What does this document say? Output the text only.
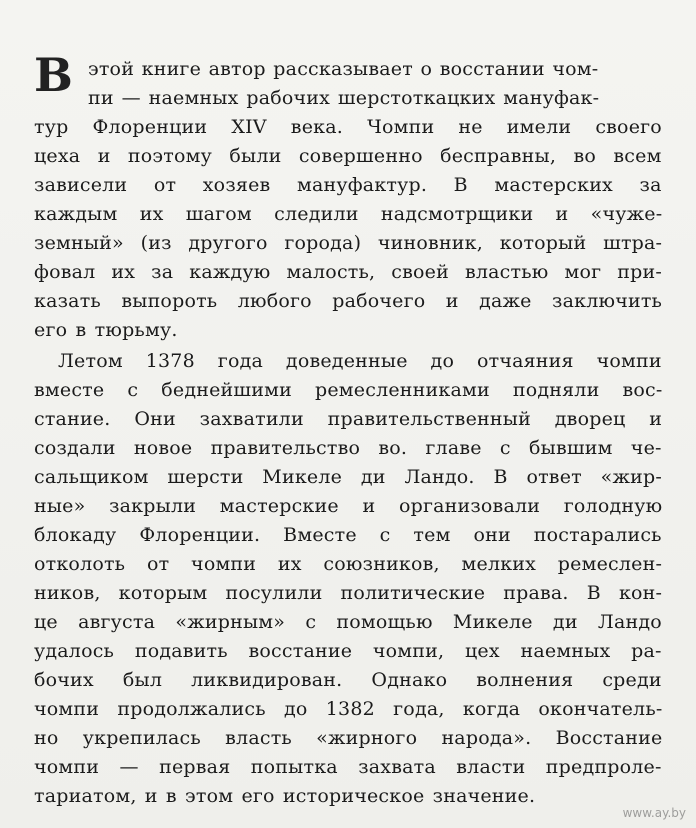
В этой книге автор рассказывает о восстании чом-
пи — наемных рабочих шерстоткацких мануфак-
тур Флоренции XIV века. Чомпи не имели своего
цеха и поэтому были совершенно бесправны, во всем
зависели от хозяев мануфактур. В мастерских за
каждым их шагом следили надсмотрщики и «чуже-
земный» (из другого города) чиновник, который штра-
фовал их за каждую малость, своей властью мог при-
казать выпороть любого рабочего и даже заключить
его в тюрьму.
Летом 1378 года доведенные до отчаяния чомпи
вместе с беднейшими ремесленниками подняли вос-
стание. Они захватили правительственный дворец и
создали новое правительство во. главе с бывшим че-
сальщиком шерсти Микеле ди Ландо. В ответ «жир-
ные» закрыли мастерские и организовали голодную
блокаду Флоренции. Вместе с тем они постарались
отколоть от чомпи их союзников, мелких ремеслен-
ников, которым посулили политические права. В кон-
це августа «жирным» с помощью Микеле ди Ландо
удалось подавить восстание чомпи, цех наемных ра-
бочих был ликвидирован. Однако волнения среди
чомпи продолжались до 1382 года, когда окончатель-
но укрепилась власть «жирного народа». Восстание
чомпи — первая попытка захвата власти предпроле-
тариатом, и в этом его историческое значение.
www.ay.by
